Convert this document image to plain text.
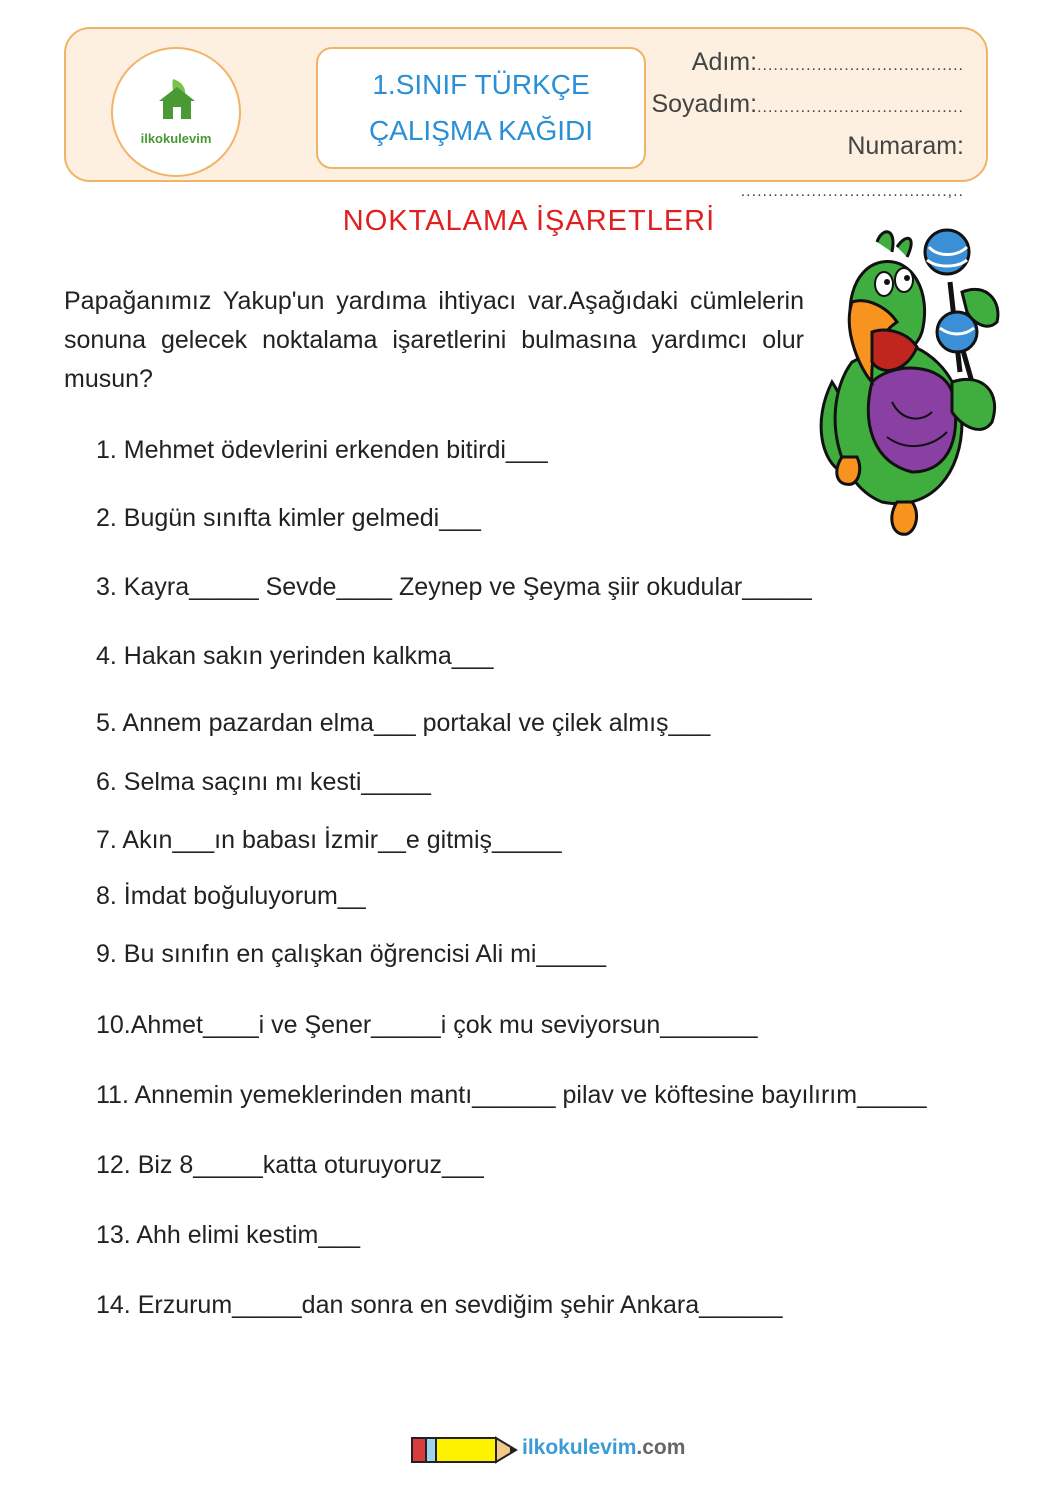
ilkokulevim
1.SINIF TÜRKÇE
ÇALIŞMA KAĞIDI
Adım:......................................
Soyadım:......................................
Numaram: ......................................,..
NOKTALAMA İŞARETLERİ
Papağanımız Yakup'un yardıma ihtiyacı var.Aşağıdaki cümlelerin sonuna gelecek noktalama işaretlerini bulmasına yardımcı olur musun?
1. Mehmet ödevlerini erkenden bitirdi___
2. Bugün sınıfta kimler gelmedi___
3. Kayra_____ Sevde____ Zeynep ve Şeyma şiir okudular_____
4. Hakan sakın yerinden kalkma___
5. Annem pazardan elma___ portakal ve çilek almış___
6. Selma saçını mı kesti_____
7. Akın___ın babası İzmir__e gitmiş_____
8. İmdat boğuluyorum__
9. Bu sınıfın en çalışkan öğrencisi Ali mi_____
10.Ahmet____i ve Şener_____i çok mu seviyorsun_______
11. Annemin yemeklerinden mantı______ pilav ve köftesine bayılırım_____
12. Biz 8_____katta oturuyoruz___
13. Ahh elimi kestim___
14. Erzurum_____dan sonra en sevdiğim şehir Ankara______
ilkokulevim.com
